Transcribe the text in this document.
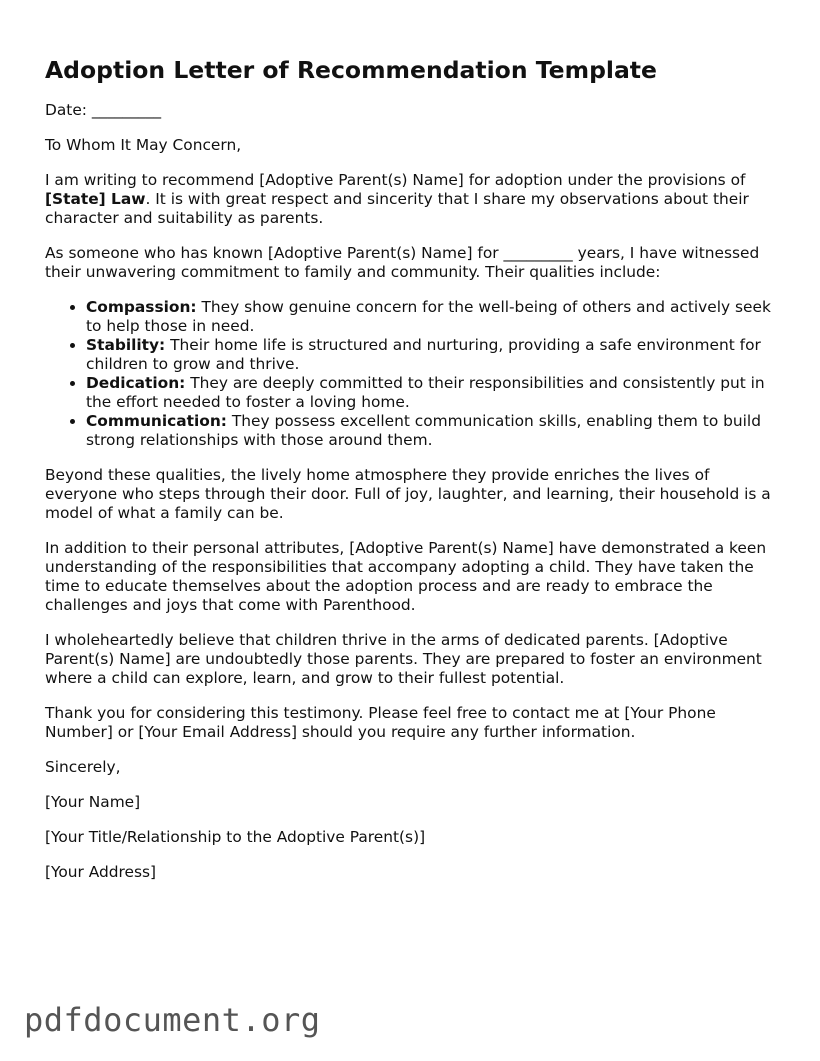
Adoption Letter of Recommendation Template

Date: _________

To Whom It May Concern,

I am writing to recommend [Adoptive Parent(s) Name] for adoption under the provisions of [State] Law. It is with great respect and sincerity that I share my observations about their character and suitability as parents.

As someone who has known [Adoptive Parent(s) Name] for _________ years, I have witnessed their unwavering commitment to family and community. Their qualities include:

• Compassion: They show genuine concern for the well-being of others and actively seek to help those in need.
• Stability: Their home life is structured and nurturing, providing a safe environment for children to grow and thrive.
• Dedication: They are deeply committed to their responsibilities and consistently put in the effort needed to foster a loving home.
• Communication: They possess excellent communication skills, enabling them to build strong relationships with those around them.

Beyond these qualities, the lively home atmosphere they provide enriches the lives of everyone who steps through their door. Full of joy, laughter, and learning, their household is a model of what a family can be.

In addition to their personal attributes, [Adoptive Parent(s) Name] have demonstrated a keen understanding of the responsibilities that accompany adopting a child. They have taken the time to educate themselves about the adoption process and are ready to embrace the challenges and joys that come with Parenthood.

I wholeheartedly believe that children thrive in the arms of dedicated parents. [Adoptive Parent(s) Name] are undoubtedly those parents. They are prepared to foster an environment where a child can explore, learn, and grow to their fullest potential.

Thank you for considering this testimony. Please feel free to contact me at [Your Phone Number] or [Your Email Address] should you require any further information.

Sincerely,

[Your Name]

[Your Title/Relationship to the Adoptive Parent(s)]

[Your Address]

pdfdocument.org
